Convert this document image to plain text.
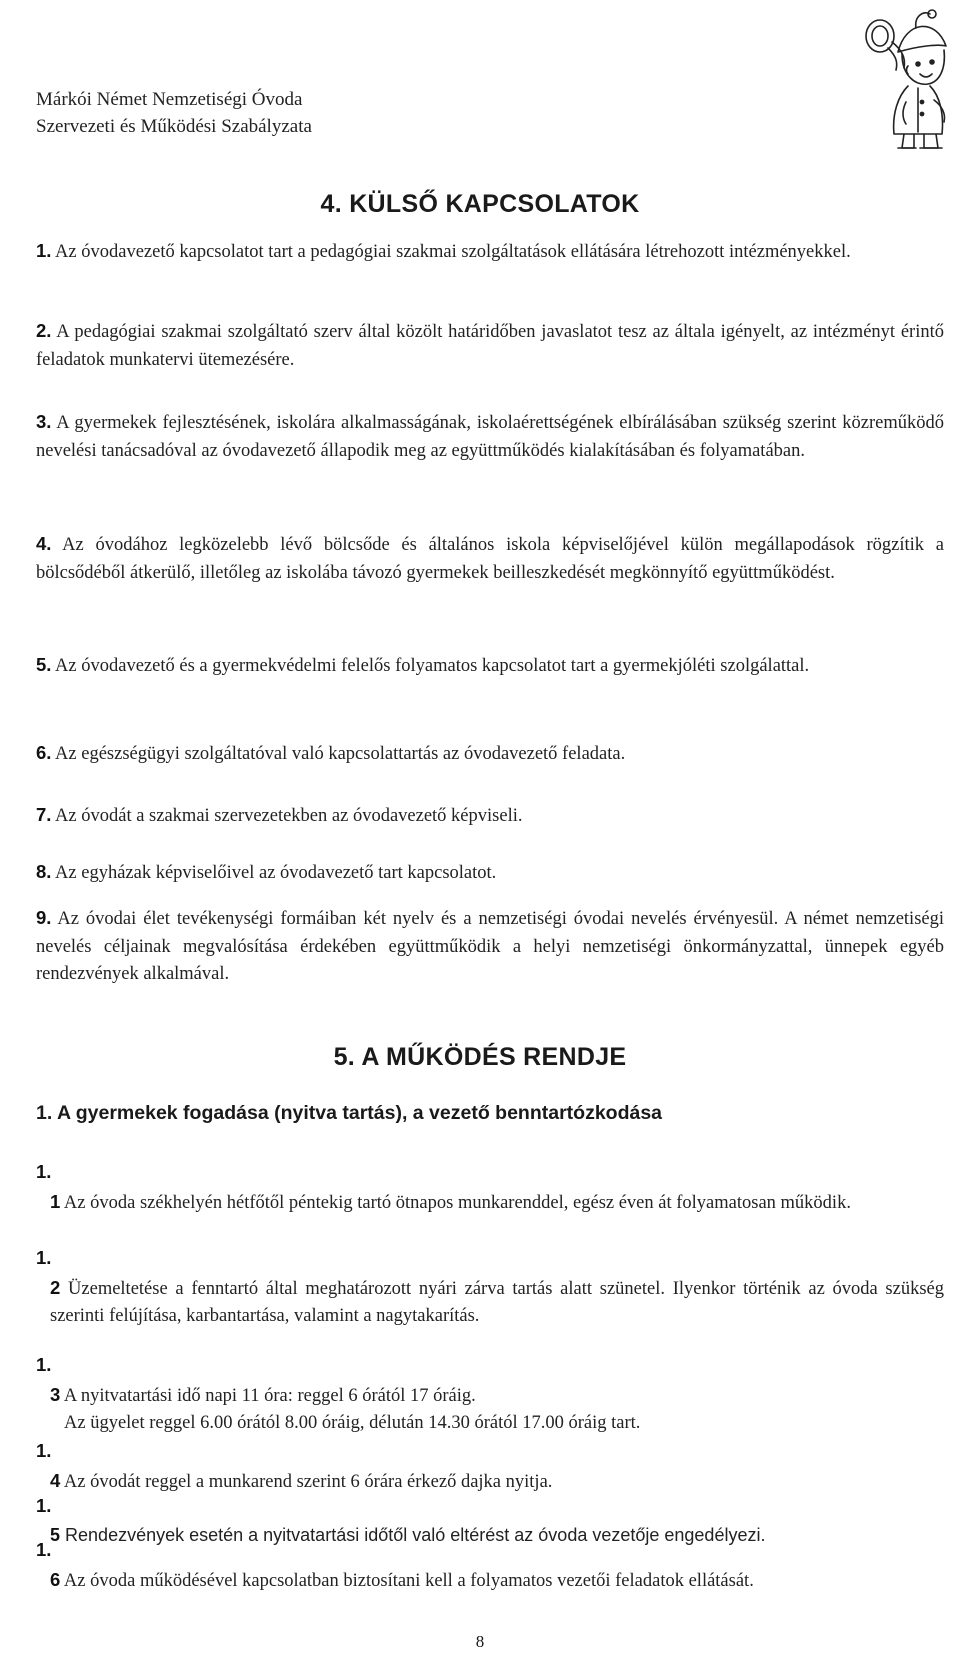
Márkói Német Nemzetiségi Óvoda
Szervezeti és Működési Szabályzata
4. KÜLSŐ KAPCSOLATOK
1. Az óvodavezető kapcsolatot tart a pedagógiai szakmai szolgáltatások ellátására létrehozott intézményekkel.
2. A pedagógiai szakmai szolgáltató szerv által közölt határidőben javaslatot tesz az általa igényelt, az intézményt érintő feladatok munkatervi ütemezésére.
3. A gyermekek fejlesztésének, iskolára alkalmasságának, iskolaérettségének elbírálásában szükség szerint közreműködő nevelési tanácsadóval az óvodavezető állapodik meg az együttműködés kialakításában és folyamatában.
4. Az óvodához legközelebb lévő bölcsőde és általános iskola képviselőjével külön megállapodások rögzítik a bölcsődéből átkerülő, illetőleg az iskolába távozó gyermekek beilleszkedését megkönnyítő együttműködést.
5. Az óvodavezető és a gyermekvédelmi felelős folyamatos kapcsolatot tart a gyermekjóléti szolgálattal.
6. Az egészségügyi szolgáltatóval való kapcsolattartás az óvodavezető feladata.
7. Az óvodát a szakmai szervezetekben az óvodavezető képviseli.
8. Az egyházak képviselőivel az óvodavezető tart kapcsolatot.
9. Az óvodai élet tevékenységi formáiban két nyelv és a nemzetiségi óvodai nevelés érvényesül. A német nemzetiségi nevelés céljainak megvalósítása érdekében együttműködik a helyi nemzetiségi önkormányzattal, ünnepek egyéb rendezvények alkalmával.
5. A MŰKÖDÉS RENDJE
1. A gyermekek fogadása (nyitva tartás), a vezető benntartózkodása
1.
1 Az óvoda székhelyén hétfőtől péntekig tartó ötnapos munkarenddel, egész éven át folyamatosan működik.
1.
2 Üzemeltetése a fenntartó által meghatározott nyári zárva tartás alatt szünetel. Ilyenkor történik az óvoda szükség szerinti felújítása, karbantartása, valamint a nagytakarítás.
1.
3 A nyitvatartási idő napi 11 óra: reggel 6 órától 17 óráig.
Az ügyelet reggel 6.00 órától 8.00 óráig, délután 14.30 órától 17.00 óráig tart.
1.
4 Az óvodát reggel a munkarend szerint 6 órára érkező dajka nyitja.
1.
5 Rendezvények esetén a nyitvatartási időtől való eltérést az óvoda vezetője engedélyezi.
1.
6 Az óvoda működésével kapcsolatban biztosítani kell a folyamatos vezetői feladatok ellátását.
8
